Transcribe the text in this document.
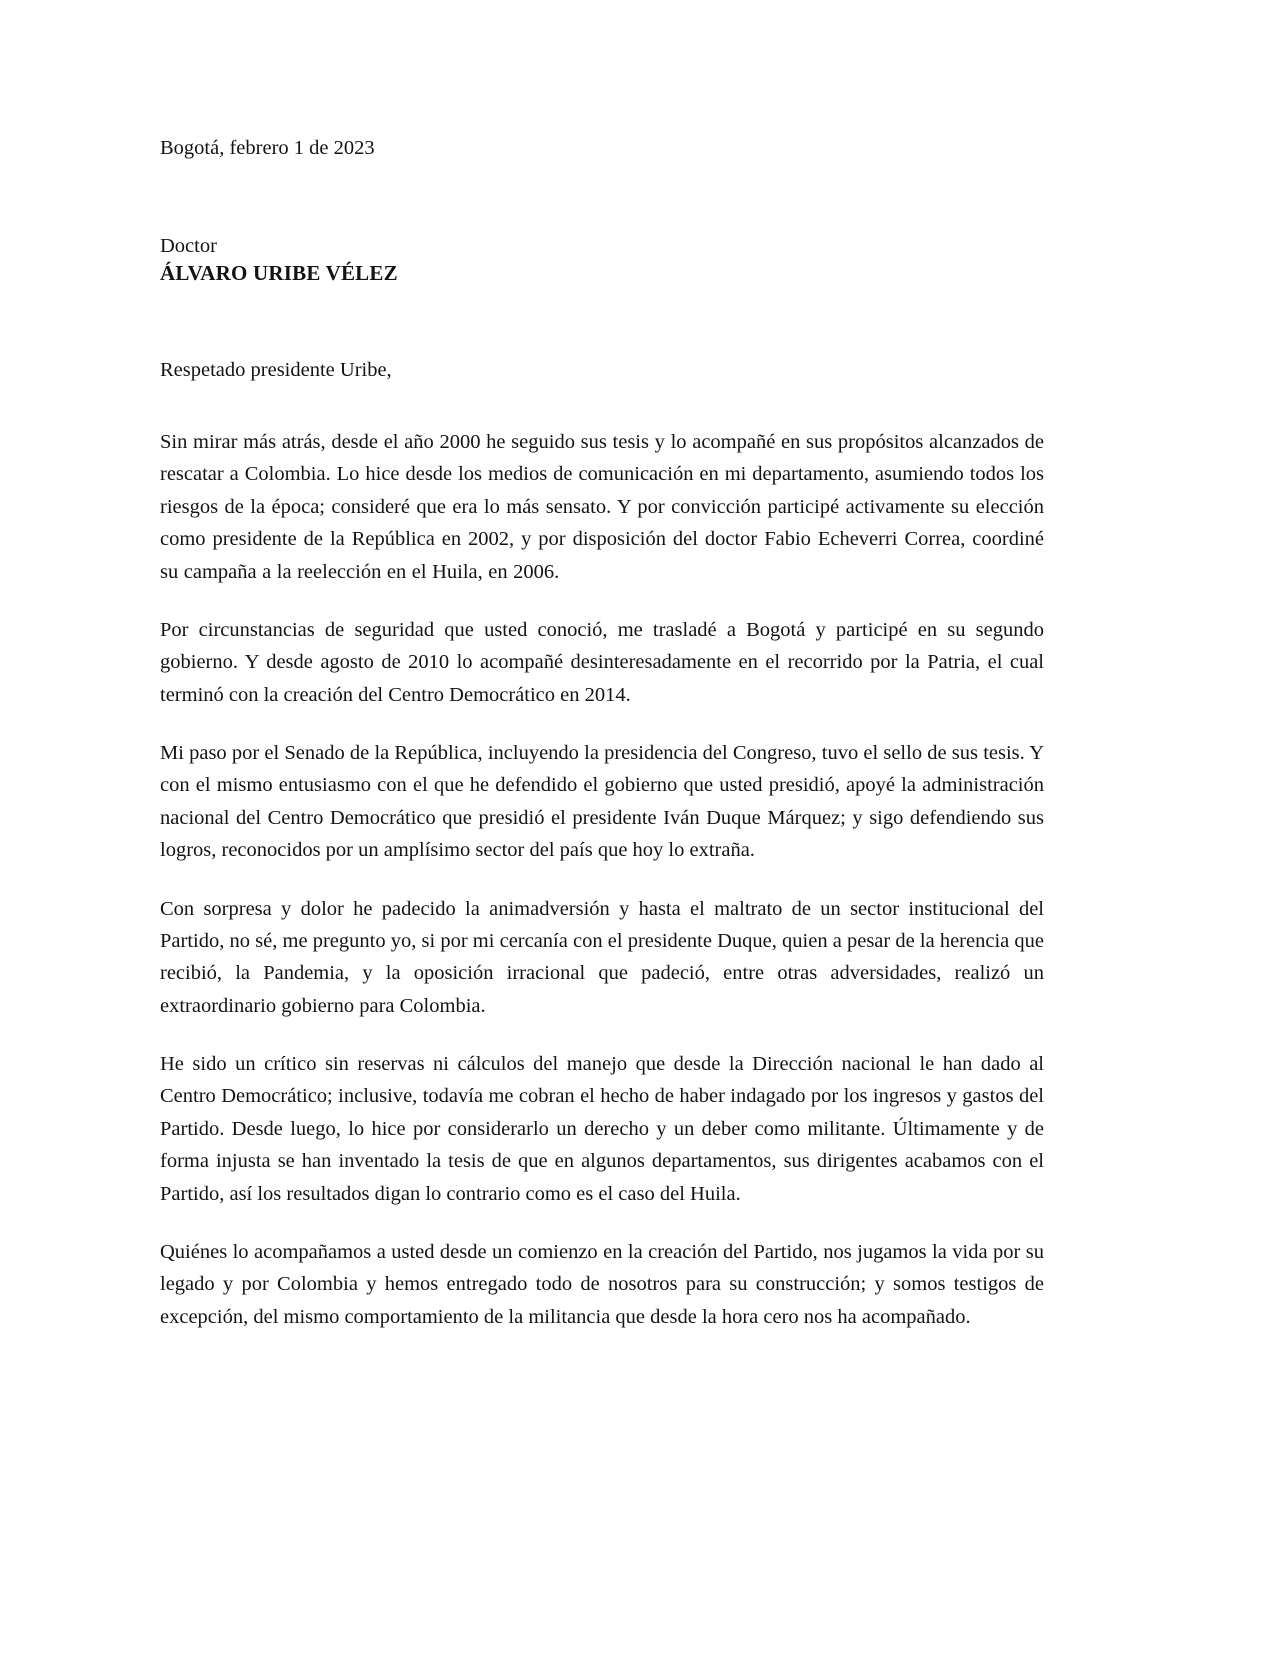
Bogotá, febrero 1 de 2023

Doctor

ÁLVARO URIBE VÉLEZ

Respetado presidente Uribe,

Sin mirar más atrás, desde el año 2000 he seguido sus tesis y lo acompañé en sus propósitos alcanzados de rescatar a Colombia. Lo hice desde los medios de comunicación en mi departamento, asumiendo todos los riesgos de la época; consideré que era lo más sensato. Y por convicción participé activamente su elección como presidente de la República en 2002, y por disposición del doctor Fabio Echeverri Correa, coordiné su campaña a la reelección en el Huila, en 2006.

Por circunstancias de seguridad que usted conoció, me trasladé a Bogotá y participé en su segundo gobierno. Y desde agosto de 2010 lo acompañé desinteresadamente en el recorrido por la Patria, el cual terminó con la creación del Centro Democrático en 2014.

Mi paso por el Senado de la República, incluyendo la presidencia del Congreso, tuvo el sello de sus tesis. Y con el mismo entusiasmo con el que he defendido el gobierno que usted presidió, apoyé la administración nacional del Centro Democrático que presidió el presidente Iván Duque Márquez; y sigo defendiendo sus logros, reconocidos por un amplísimo sector del país que hoy lo extraña.

Con sorpresa y dolor he padecido la animadversión y hasta el maltrato de un sector institucional del Partido, no sé, me pregunto yo, si por mi cercanía con el presidente Duque, quien a pesar de la herencia que recibió, la Pandemia, y la oposición irracional que padeció, entre otras adversidades, realizó un extraordinario gobierno para Colombia.

He sido un crítico sin reservas ni cálculos del manejo que desde la Dirección nacional le han dado al Centro Democrático; inclusive, todavía me cobran el hecho de haber indagado por los ingresos y gastos del Partido. Desde luego, lo hice por considerarlo un derecho y un deber como militante. Últimamente y de forma injusta se han inventado la tesis de que en algunos departamentos, sus dirigentes acabamos con el Partido, así los resultados digan lo contrario como es el caso del Huila.

Quiénes lo acompañamos a usted desde un comienzo en la creación del Partido, nos jugamos la vida por su legado y por Colombia y hemos entregado todo de nosotros para su construcción; y somos testigos de excepción, del mismo comportamiento de la militancia que desde la hora cero nos ha acompañado.
